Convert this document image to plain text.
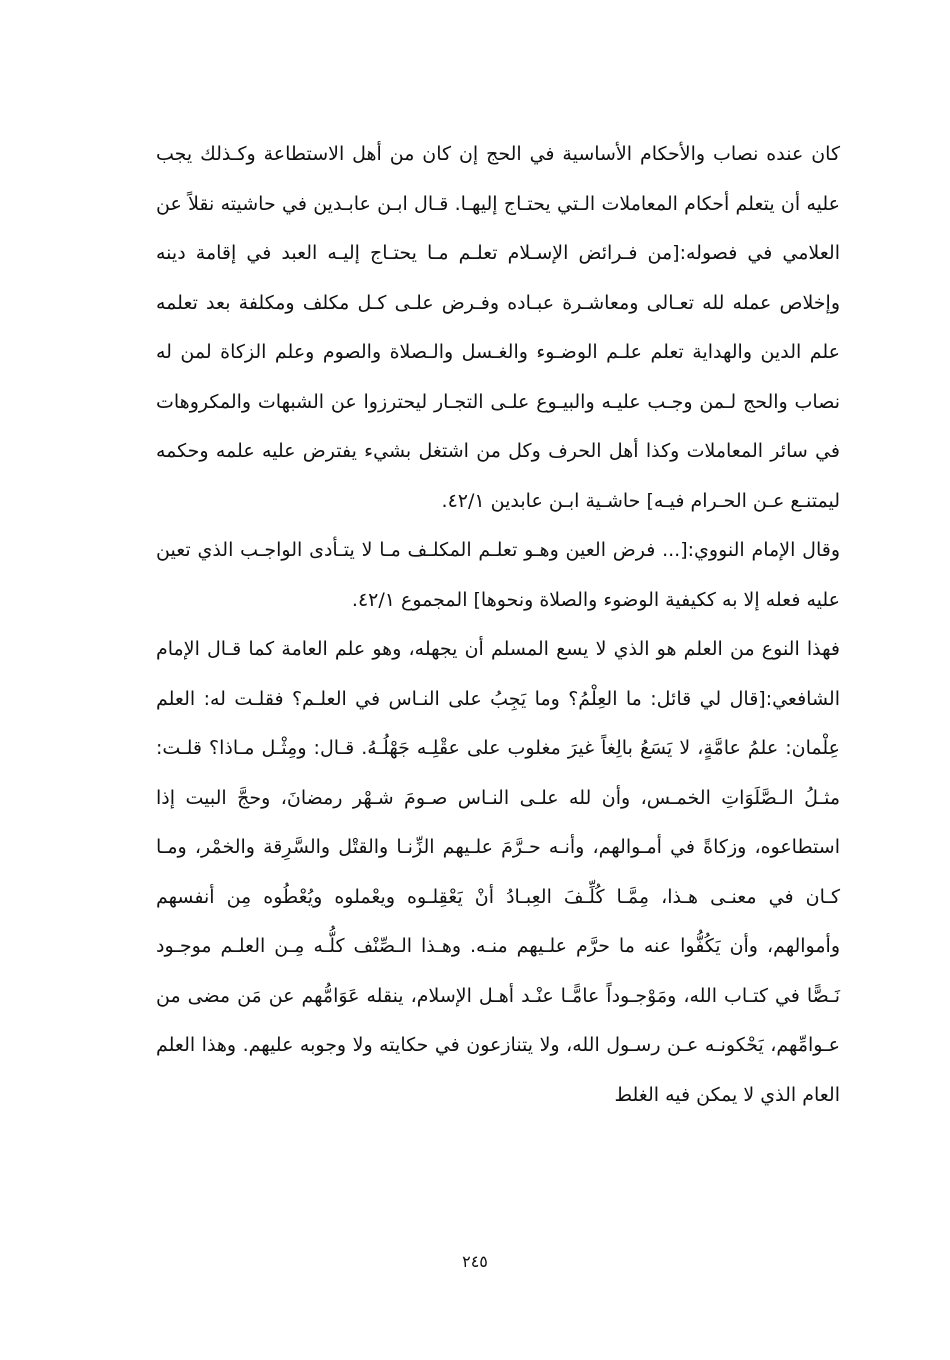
كان عنده نصاب والأحكام الأساسية في الحج إن كان من أهل الاستطاعة وكـذلك يجب عليه أن يتعلم أحكام المعاملات الـتي يحتـاج إليهـا. قـال ابـن عابـدين في حاشيته نقلاً عن العلامي في فصوله:[من فـرائض الإسـلام تعلـم مـا يحتـاج إليـه العبد في إقامة دينه وإخلاص عمله لله تعـالى ومعاشـرة عبـاده وفـرض علـى كـل مكلف ومكلفة بعد تعلمه علم الدين والهداية تعلم علـم الوضـوء والغـسل والـصلاة والصوم وعلم الزكاة لمن له نصاب والحج لـمن وجـب عليـه والبيـوع علـى التجـار ليحترزوا عن الشبهات والمكروهات في سائر المعاملات وكذا أهل الحرف وكل من اشتغل بشيء يفترض عليه علمه وحكمه ليمتنـع عـن الحـرام فيـه] حاشـية ابـن عابدين ٤٢/١.

وقال الإمام النووي:[... فرض العين وهـو تعلـم المكلـف مـا لا يتـأدى الواجـب الذي تعين عليه فعله إلا به ككيفية الوضوء والصلاة ونحوها] المجموع ٤٢/١.

فهذا النوع من العلم هو الذي لا يسع المسلم أن يجهله، وهو علم العامة كما قـال الإمام الشافعي:[قال لي قائل: ما العِلْمُ؟ وما يَجِبُ على النـاس في العلـم؟ فقلـت له: العلم عِلْمان: علمُ عامَّةٍ، لا يَسَعُ بالِغاً غيرَ مغلوب على عقْلِـه جَهْلُـهُ. قـال: ومِثْـل مـاذا؟ قلـت: مثـلُ الـصَّلَوَاتِ الخمـس، وأن لله علـى النـاس صـومَ شـهْر رمضانَ، وحجَّ البيت إذا استطاعوه، وزكاةً في أمـوالهم، وأنـه حـرَّمَ علـيهم الزِّنـا والقتْل والسَّرِقة والخمْر، ومـا كـان في معنـى هـذا، مِمَّـا كُلِّـفَ العِبـادُ أنْ يَعْقِلـوه ويعْملوه ويُعْطُوه مِن أنفسهم وأموالهم، وأن يَكُفُّوا عنه ما حرَّم علـيهم منـه. وهـذا الـصِّنْف كلُّـه مِـن العلـم موجـود نَـصًّا في كتـاب الله، ومَوْجـوداً عامًّـا عنْـد أهـل الإسلام، ينقله عَوَامُّهم عن مَن مضى من عـوامِّهم، يَحْكونـه عـن رسـول الله، ولا يتنازعون في حكايته ولا وجوبه عليهم. وهذا العلم العام الذي لا يمكن فيه الغلط

٢٤٥
